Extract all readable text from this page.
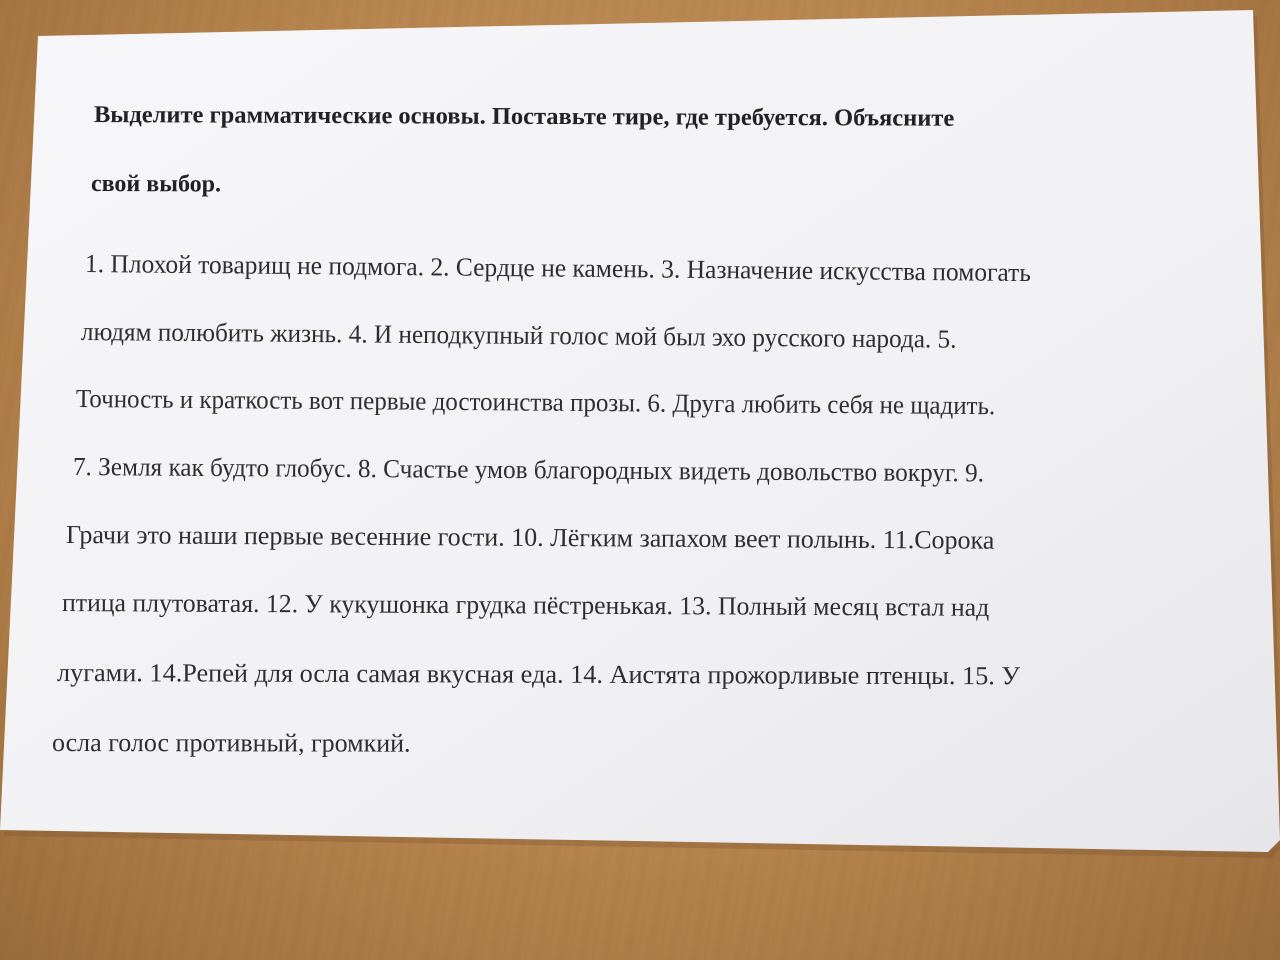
Выделите грамматические основы. Поставьте тире, где требуется. Объясните
свой выбор.
1. Плохой товарищ не подмога. 2. Сердце не камень. 3. Назначение искусства помогать
людям полюбить жизнь. 4. И неподкупный голос мой был эхо русского народа. 5.
Точность и краткость вот первые достоинства прозы. 6. Друга любить себя не щадить.
7. Земля как будто глобус. 8. Счастье умов благородных видеть довольство вокруг. 9.
Грачи это наши первые весенние гости. 10. Лёгким запахом веет полынь. 11.Сорока
птица плутоватая. 12. У кукушонка грудка пёстренькая. 13. Полный месяц встал над
лугами. 14.Репей для осла самая вкусная еда. 14. Аистята прожорливые птенцы. 15. У
осла голос противный, громкий.
